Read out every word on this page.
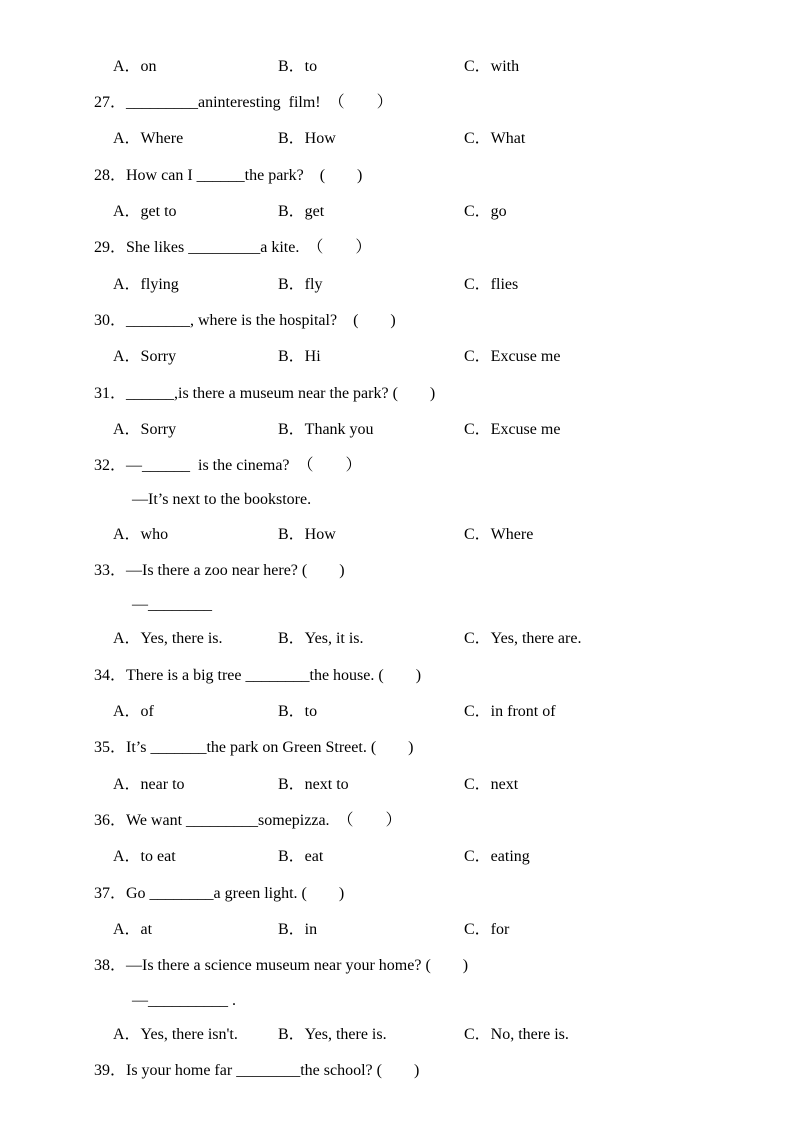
A．on	B．to	C．with
27．_________aninteresting  film!　（　　）
A．Where	B．How	C．What
28．How can I ______the park?　(　　)
A．get to	B．get	C．go
29．She likes _________a kite.　（　　）
A．flying	B．fly	C．flies
30．________, where is the hospital?　(　　)
A．Sorry	B．Hi	C．Excuse me
31．______,is there a museum near the park? (　　)
A．Sorry	B．Thank you	C．Excuse me
32．—______  is the cinema?　（　　）
—It’s next to the bookstore.
A．who	B．How	C．Where
33．—Is there a zoo near here? (　　)
—________
A．Yes, there is.	B．Yes, it is.	C．Yes, there are.
34．There is a big tree ________the house. (　　)
A．of	B．to	C．in front of
35．It’s _______the park on Green Street. (　　)
A．near to	B．next to	C．next
36．We want _________somepizza.　（　　）
A．to eat	B．eat	C．eating
37．Go ________a green light. (　　)
A．at	B．in	C．for
38．—Is there a science museum near your home? (　　)
—__________ .
A．Yes, there isn't.	B．Yes, there is.	C．No, there is.
39．Is your home far ________the school? (　　)
